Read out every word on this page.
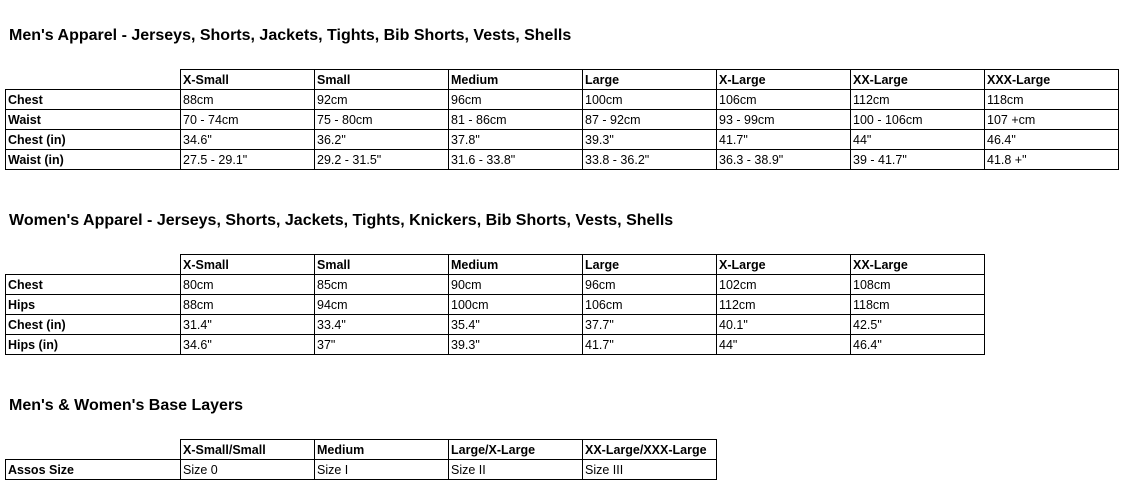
Men's Apparel - Jerseys, Shorts, Jackets, Tights, Bib Shorts, Vests, Shells
	X-Small	Small	Medium	Large	X-Large	XX-Large	XXX-Large
Chest	88cm	92cm	96cm	100cm	106cm	112cm	118cm
Waist	70 - 74cm	75 - 80cm	81 - 86cm	87 - 92cm	93 - 99cm	100 - 106cm	107 +cm
Chest (in)	34.6"	36.2"	37.8"	39.3"	41.7"	44"	46.4"
Waist (in)	27.5 - 29.1"	29.2 - 31.5"	31.6 - 33.8"	33.8 - 36.2"	36.3 - 38.9"	39 - 41.7"	41.8 +"
Women's Apparel - Jerseys, Shorts, Jackets, Tights, Knickers, Bib Shorts, Vests, Shells
	X-Small	Small	Medium	Large	X-Large	XX-Large
Chest	80cm	85cm	90cm	96cm	102cm	108cm
Hips	88cm	94cm	100cm	106cm	112cm	118cm
Chest (in)	31.4"	33.4"	35.4"	37.7"	40.1"	42.5"
Hips (in)	34.6"	37"	39.3"	41.7"	44"	46.4"
Men's & Women's Base Layers
	X-Small/Small	Medium	Large/X-Large	XX-Large/XXX-Large
Assos Size	Size 0	Size I	Size II	Size III
